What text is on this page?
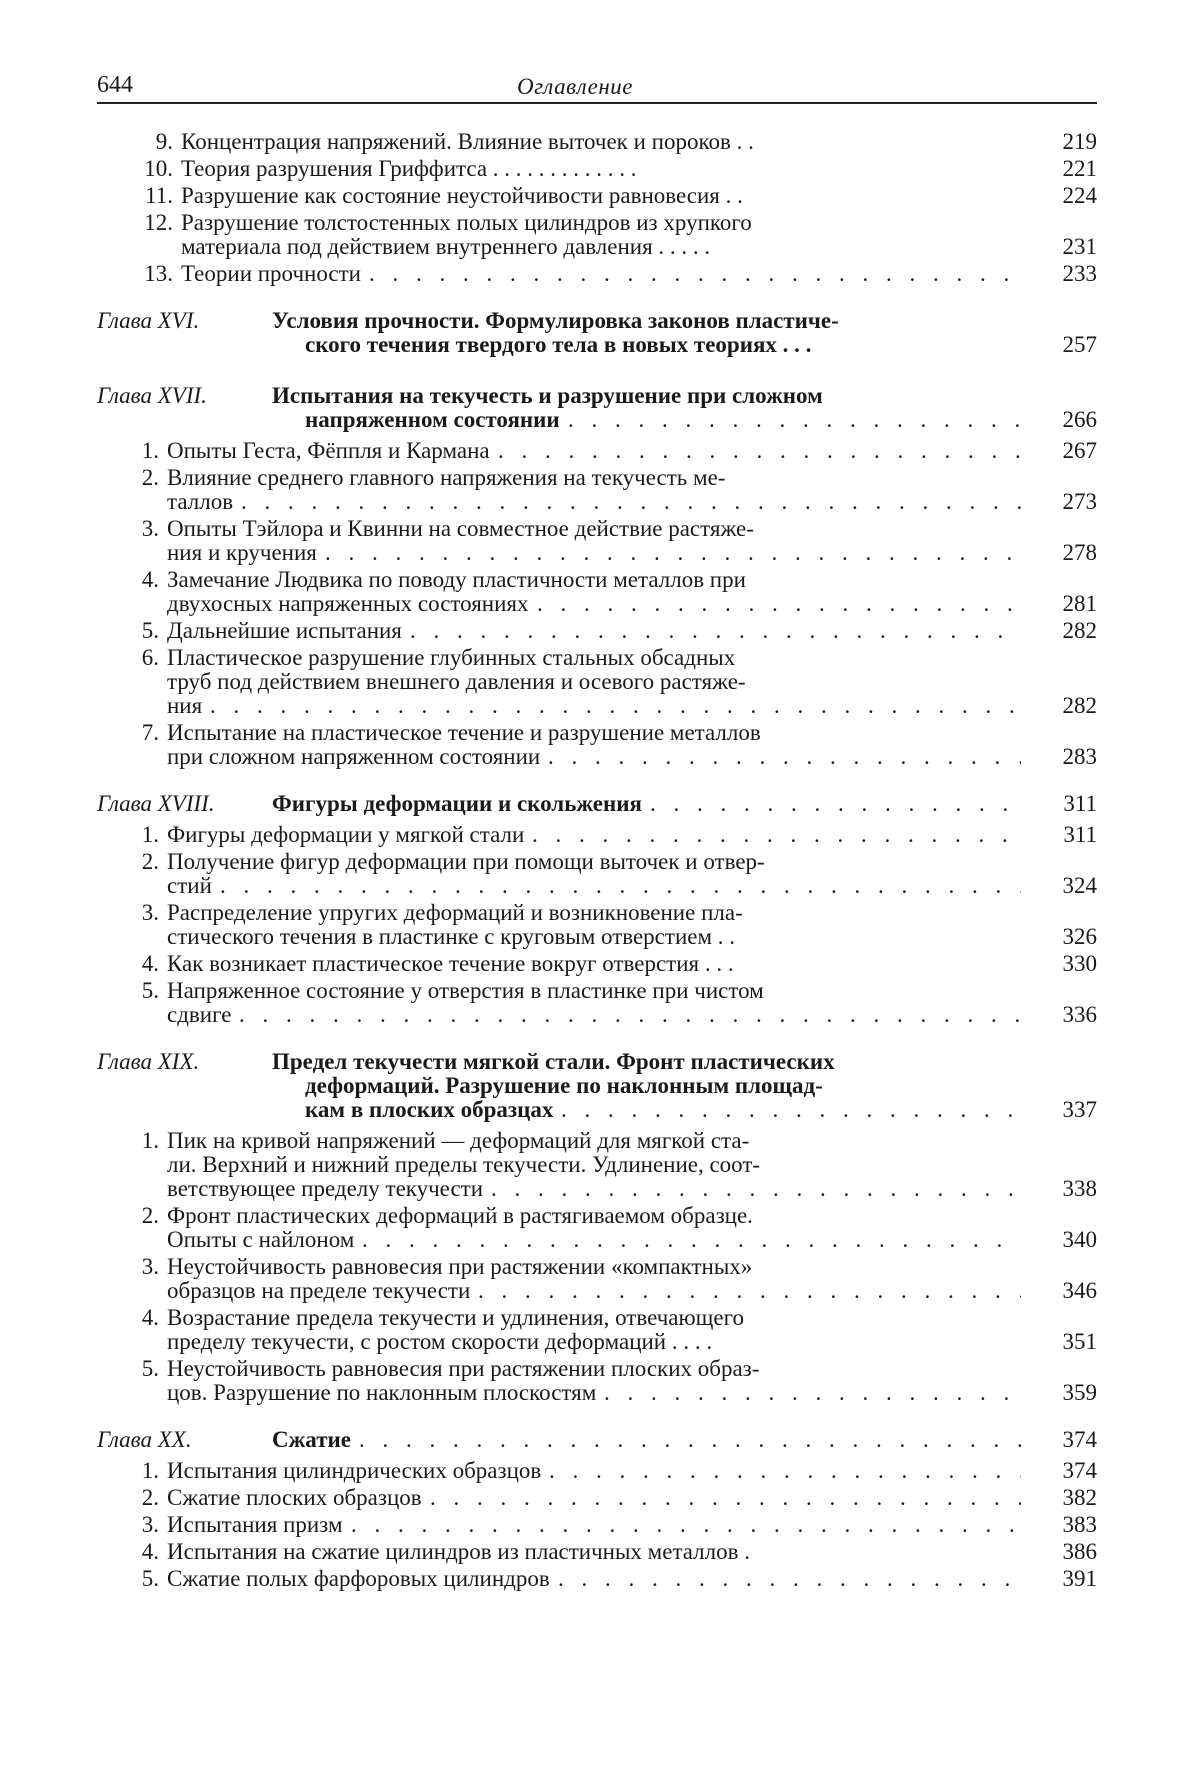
644	Оглавление
9. Концентрация напряжений. Влияние выточек и пороков . .	219
10. Теория разрушения Гриффитса . . . . . . . . . . . . .	221
11. Разрушение как состояние неустойчивости равновесия . .	224
12. Разрушение толстостенных полых цилиндров из хрупкого
материала под действием внутреннего давления . . . . .	231
13. Теории прочности	233
. . .
Глава XVI.	Условия прочности. Формулировка законов пластиче-
ского течения твердого тела в новых теориях . . .	257
Глава XVII.	Испытания на текучесть и разрушение при сложном
напряженном состоянии	266
. . .
1. Опыты Геста, Фёппля и Кармана	267
. . .
2. Влияние среднего главного напряжения на текучесть ме-
таллов	273
. . .
3. Опыты Тэйлора и Квинни на совместное действие растяже-
ния и кручения	278
. . .
4. Замечание Людвика по поводу пластичности металлов при
двухосных напряженных состояниях	281
. . .
5. Дальнейшие испытания	282
. . .
6. Пластическое разрушение глубинных стальных обсадных
труб под действием внешнего давления и осевого растяже-
ния	282
. . .
7. Испытание на пластическое течение и разрушение металлов
при сложном напряженном состоянии	283
. . .
Глава XVIII. Фигуры деформации и скольжения	311
. . .
1. Фигуры деформации у мягкой стали	311
. . .
2. Получение фигур деформации при помощи выточек и отвер-
стий	324
. . .
3. Распределение упругих деформаций и возникновение пла-
стического течения в пластинке с круговым отверстием . .	326
4. Как возникает пластическое течение вокруг отверстия . . .	330
5. Напряженное состояние у отверстия в пластинке при чистом
сдвиге	336
. . .
Глава XIX.	Предел текучести мягкой стали. Фронт пластических
деформаций. Разрушение по наклонным площад-
кам в плоских образцах	337
. . .
1. Пик на кривой напряжений — деформаций для мягкой ста-
ли. Верхний и нижний пределы текучести. Удлинение, соот-
ветствующее пределу текучести	338
. . .
2. Фронт пластических деформаций в растягиваемом образце.
Опыты с найлоном	340
. . .
3. Неустойчивость равновесия при растяжении «компактных»
образцов на пределе текучести	346
. . .
4. Возрастание предела текучести и удлинения, отвечающего
пределу текучести, с ростом скорости деформаций . . . .	351
5. Неустойчивость равновесия при растяжении плоских образ-
цов. Разрушение по наклонным плоскостям	359
. . .
Глава XX.	Сжатие	374
. . .
1. Испытания цилиндрических образцов	374
. . .
2. Сжатие плоских образцов	382
. . .
3. Испытания призм	383
. . .
4. Испытания на сжатие цилиндров из пластичных металлов .	386
5. Сжатие полых фарфоровых цилиндров	391
. . .
